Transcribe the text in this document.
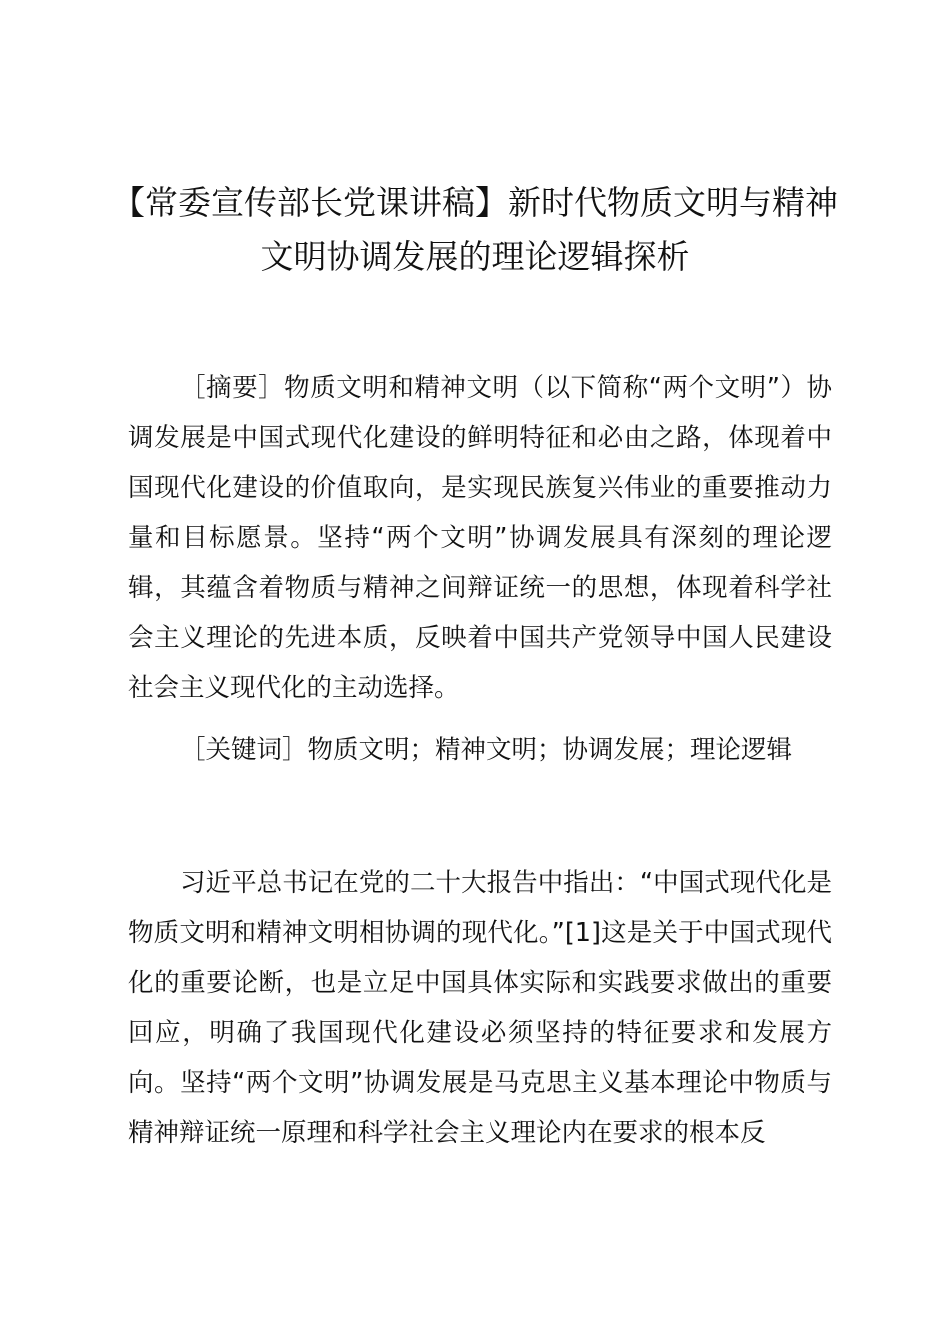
【常委宣传部长党课讲稿】新时代物质文明与精神文明协调发展的理论逻辑探析

［摘要］物质文明和精神文明（以下简称“两个文明”）协调发展是中国式现代化建设的鲜明特征和必由之路，体现着中国现代化建设的价值取向，是实现民族复兴伟业的重要推动力量和目标愿景。坚持“两个文明”协调发展具有深刻的理论逻辑，其蕴含着物质与精神之间辩证统一的思想，体现着科学社会主义理论的先进本质，反映着中国共产党领导中国人民建设社会主义现代化的主动选择。

［关键词］物质文明；精神文明；协调发展；理论逻辑

习近平总书记在党的二十大报告中指出：“中国式现代化是物质文明和精神文明相协调的现代化。”[1]这是关于中国式现代化的重要论断，也是立足中国具体实际和实践要求做出的重要回应，明确了我国现代化建设必须坚持的特征要求和发展方向。坚持“两个文明”协调发展是马克思主义基本理论中物质与精神辩证统一原理和科学社会主义理论内在要求的根本反
